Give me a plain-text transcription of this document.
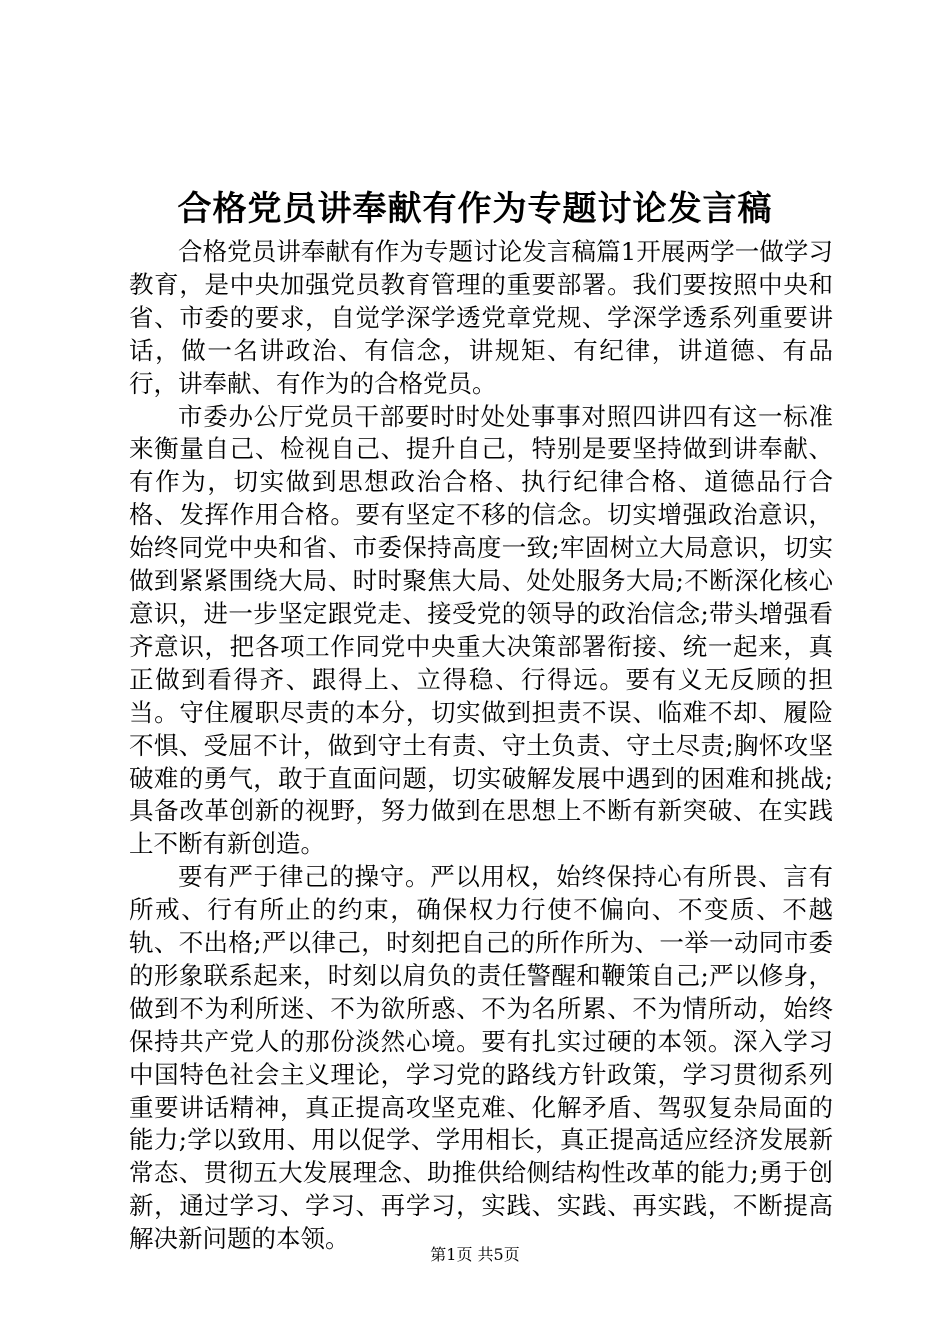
合格党员讲奉献有作为专题讨论发言稿

合格党员讲奉献有作为专题讨论发言稿篇1开展两学一做学习教育，是中央加强党员教育管理的重要部署。我们要按照中央和省、市委的要求，自觉学深学透党章党规、学深学透系列重要讲话，做一名讲政治、有信念，讲规矩、有纪律，讲道德、有品行，讲奉献、有作为的合格党员。

市委办公厅党员干部要时时处处事事对照四讲四有这一标准来衡量自己、检视自己、提升自己，特别是要坚持做到讲奉献、有作为，切实做到思想政治合格、执行纪律合格、道德品行合格、发挥作用合格。要有坚定不移的信念。切实增强政治意识，始终同党中央和省、市委保持高度一致;牢固树立大局意识，切实做到紧紧围绕大局、时时聚焦大局、处处服务大局;不断深化核心意识，进一步坚定跟党走、接受党的领导的政治信念;带头增强看齐意识，把各项工作同党中央重大决策部署衔接、统一起来，真正做到看得齐、跟得上、立得稳、行得远。要有义无反顾的担当。守住履职尽责的本分，切实做到担责不误、临难不却、履险不惧、受屈不计，做到守土有责、守土负责、守土尽责;胸怀攻坚破难的勇气，敢于直面问题，切实破解发展中遇到的困难和挑战;具备改革创新的视野，努力做到在思想上不断有新突破、在实践上不断有新创造。

要有严于律己的操守。严以用权，始终保持心有所畏、言有所戒、行有所止的约束，确保权力行使不偏向、不变质、不越轨、不出格;严以律己，时刻把自己的所作所为、一举一动同市委的形象联系起来，时刻以肩负的责任警醒和鞭策自己;严以修身，做到不为利所迷、不为欲所惑、不为名所累、不为情所动，始终保持共产党人的那份淡然心境。要有扎实过硬的本领。深入学习中国特色社会主义理论，学习党的路线方针政策，学习贯彻系列重要讲话精神，真正提高攻坚克难、化解矛盾、驾驭复杂局面的能力;学以致用、用以促学、学用相长，真正提高适应经济发展新常态、贯彻五大发展理念、助推供给侧结构性改革的能力;勇于创新，通过学习、学习、再学习，实践、实践、再实践，不断提高解决新问题的本领。

第1页 共5页
